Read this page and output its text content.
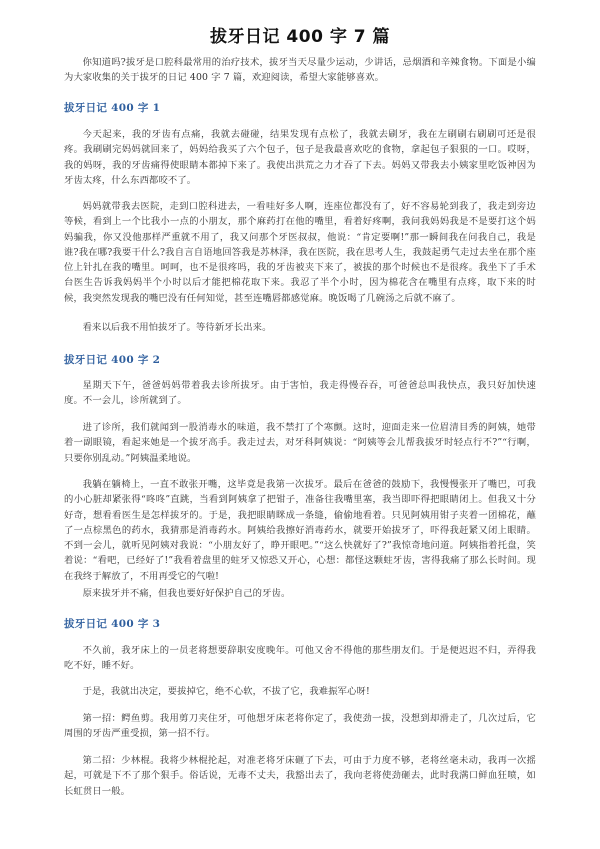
拔牙日记 400 字 7 篇
你知道吗?拔牙是口腔科最常用的治疗技术，拔牙当天尽量少运动，少讲话，忌烟酒和辛辣食物。下面是小编为大家收集的关于拔牙的日记 400 字 7 篇，欢迎阅读，希望大家能够喜欢。
拔牙日记 400 字 1
今天起来，我的牙齿有点痛，我就去碰碰，结果发现有点松了，我就去刷牙，我在左刷刷右刷刷可还是很疼。我刷刷完妈妈就回来了，妈妈给我买了六个包子，包子是我最喜欢吃的食物，拿起包子狠狠的一口。哎呀，我的妈呀，我的牙齿痛得使眼睛本都掉下来了。我使出洪荒之力才吞了下去。妈妈又带我去小姨家里吃饭神因为牙齿太疼，什么东西都咬不了。
妈妈就带我去医院，走到口腔科进去，一看哇好多人啊，连座位都没有了，好不容易轮到我了，我走到旁边等候，看到上一个比我小一点的小朋友，那个麻药打在他的嘴里，看着好疼啊，我问我妈妈我是不是要打这个妈妈骗我，你又没他那样严重就不用了，我又问那个牙医叔叔，他说：“肯定要啊!”那一瞬间我在问我自己，我是谁?我在哪?我要干什么?我自言自语地回答我是苏林泽，我在医院，我在思考人生，我鼓起勇气走过去坐在那个座位上针扎在我的嘴里。呵呵，也不是很疼吗，我的牙齿被夹下来了，被拔的那个时候也不是很疼。我坐下了手术台医生告诉我妈妈半个小时以后才能把棉花取下来。我忍了半个小时，因为棉花含在嘴里有点疼，取下来的时候，我突然发现我的嘴巴没有任何知觉，甚至连嘴唇都感觉麻。晚饭喝了几碗汤之后就不麻了。
看来以后我不用怕拔牙了。等待新牙长出来。
拔牙日记 400 字 2
星期天下午，爸爸妈妈带着我去诊所拔牙。由于害怕，我走得慢吞吞，可爸爸总叫我快点，我只好加快速度。不一会儿，诊所就到了。
进了诊所，我们就闻到一股消毒水的味道，我不禁打了个寒颤。这时，迎面走来一位眉清目秀的阿姨，她带着一副眼镜，看起来她是一个拔牙高手。我走过去，对牙科阿姨说：“阿姨等会儿帮我拔牙时轻点行不?”“行啊，只要你别乱动。”阿姨温柔地说。
我躺在躺椅上，一直不敢张开嘴，这毕竟是我第一次拔牙。最后在爸爸的鼓励下，我慢慢张开了嘴巴，可我的小心脏却紧张得“咚咚”直跳，当看到阿姨拿了把钳子，准备往我嘴里塞，我当即吓得把眼睛闭上。但我又十分好奇，想看看医生是怎样拔牙的。于是，我把眼睛眯成一条缝，偷偷地看着。只见阿姨用钳子夹着一团棉花，蘸了一点棕黑色的药水，我猜那是消毒药水。阿姨给我擦好消毒药水，就要开始拔牙了，吓得我赶紧又闭上眼睛。不到一会儿，就听见阿姨对我说：“小朋友好了，睁开眼吧。”“这么快就好了?”我惊奇地问道。阿姨指着托盘，笑着说：“看吧，已经好了!”我看着盘里的蛀牙又惊恐又开心，心想：都怪这颗蛀牙齿，害得我痛了那么长时间。现在我终于解放了，不用再受它的气啦!
原来拔牙并不痛，但我也要好好保护自己的牙齿。
拔牙日记 400 字 3
不久前，我牙床上的一员老将想要辞职安度晚年。可他又舍不得他的那些朋友们。于是便迟迟不归，弄得我吃不好，睡不好。
于是，我就出决定，要拔掉它，绝不心软，不拔了它，我难振军心呀!
第一招：鳄鱼剪。我用剪刀夹住牙，可他想牙床老将你定了，我使劲一拔，没想到却滑走了，几次过后，它周围的牙齿严重受损，第一招不行。
第二招：少林棍。我将少林棍抡起，对准老将牙床砸了下去，可由于力度不够，老将丝毫未动，我再一次摇起，可就是下不了那个狠手。俗话说，无毒不丈夫，我豁出去了，我向老将使劲砸去，此时我满口鲜血狂喷，如长虹贯日一般。
